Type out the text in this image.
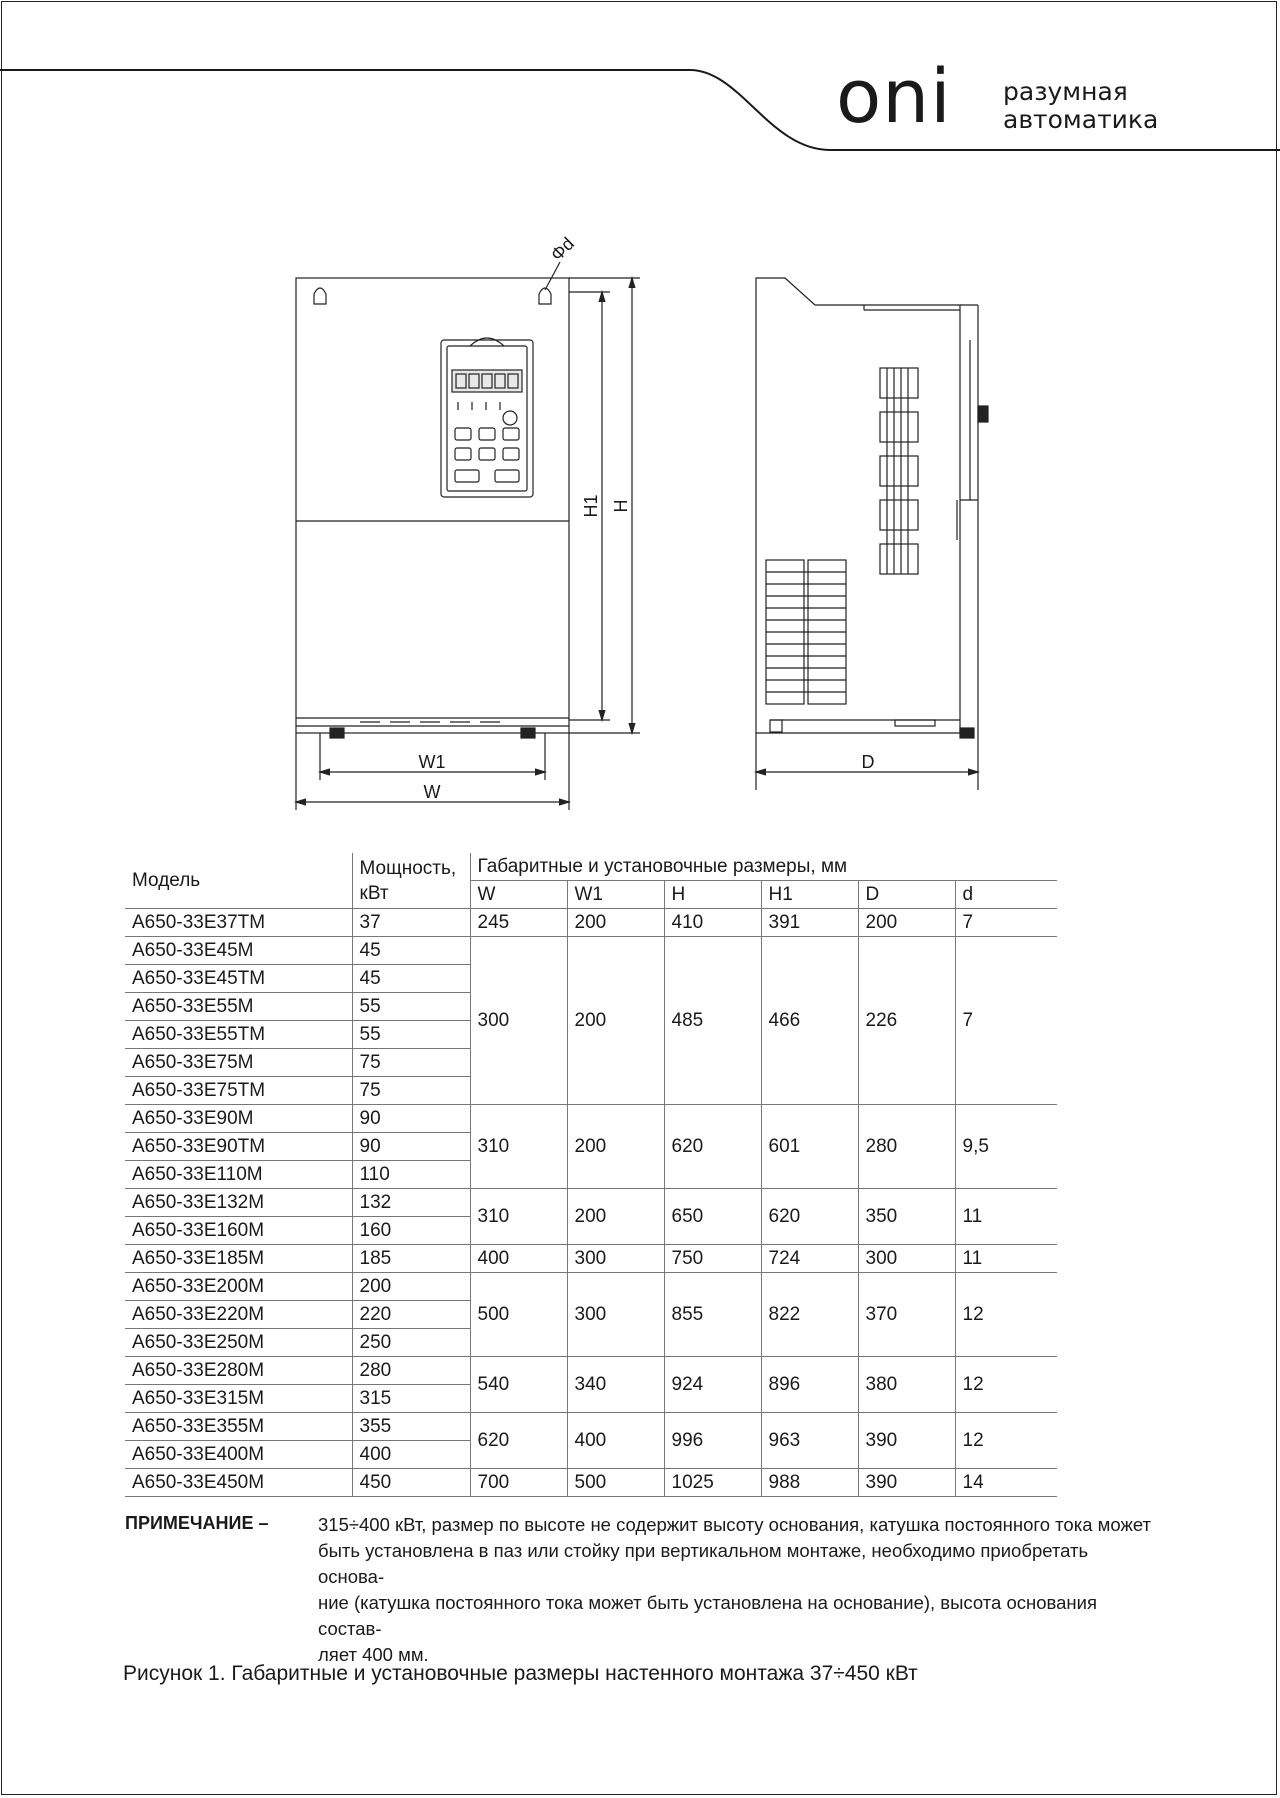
oni разумная
автоматика
W1
W
H1 H
Φd
D
Модель	Мощность, кВт	Габаритные и установочные размеры, мм					
		W	W1	H	H1	D	d
A650-33E37TM	37	245	200	410	391	200	7
A650-33E45M	45	300	200	485	466	226	7
A650-33E45TM	45						
A650-33E55M	55						
A650-33E55TM	55						
A650-33E75M	75						
A650-33E75TM	75						
A650-33E90M	90	310	200	620	601	280	9,5
A650-33E90TM	90						
A650-33E110M	110						
A650-33E132M	132	310	200	650	620	350	11
A650-33E160M	160						
A650-33E185M	185	400	300	750	724	300	11
A650-33E200M	200	500	300	855	822	370	12
A650-33E220M	220						
A650-33E250M	250						
A650-33E280M	280	540	340	924	896	380	12
A650-33E315M	315						
A650-33E355M	355	620	400	996	963	390	12
A650-33E400M	400						
A650-33E450M	450	700	500	1025	988	390	14
ПРИМЕЧАНИЕ –	315÷400 кВт, размер по высоте не содержит высоту основания, катушка постоянного тока может
быть установлена в паз или стойку при вертикальном монтаже, необходимо приобретать основа-
ние (катушка постоянного тока может быть установлена на основание), высота основания состав-
ляет 400 мм.
Рисунок 1. Габаритные и установочные размеры настенного монтажа 37÷450 кВт
